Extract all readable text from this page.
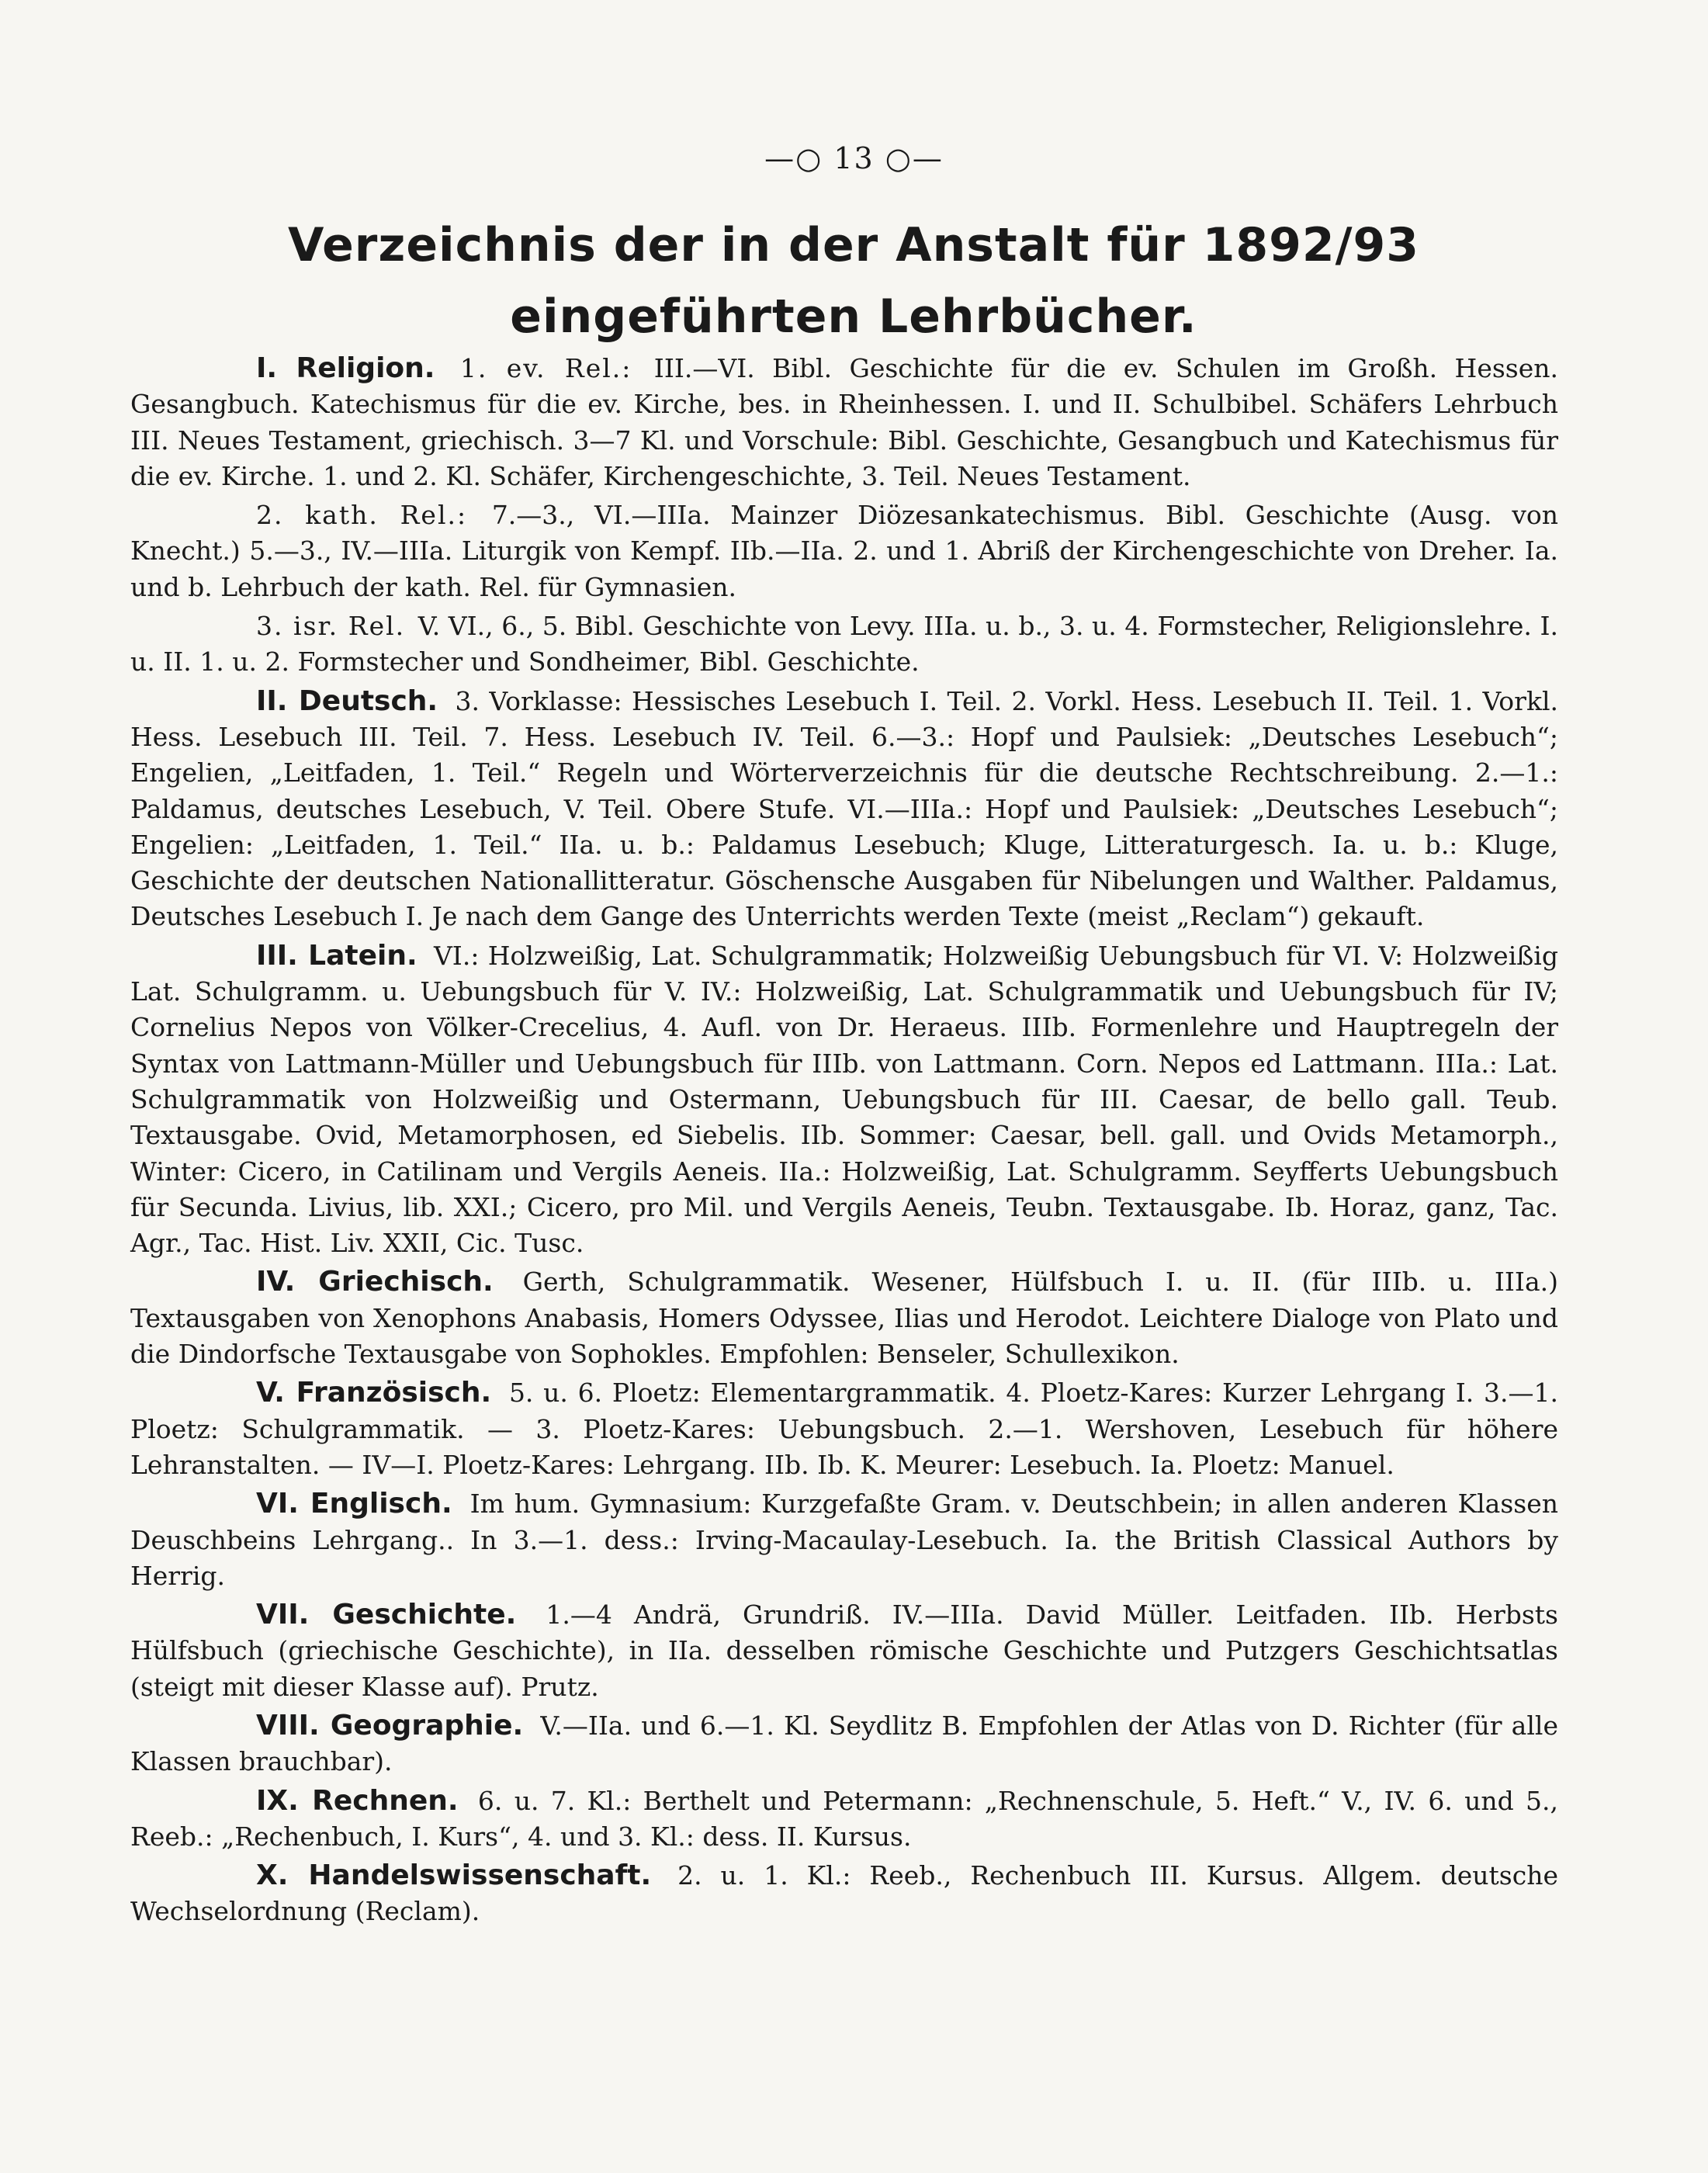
—○ 13 ○—
Verzeichnis der in der Anstalt für 1892/93 eingeführten Lehrbücher.

I. Religion. 1. ev. Rel.: III.—VI. Bibl. Geschichte für die ev. Schulen im Großh. Hessen. Gesangbuch. Katechismus für die ev. Kirche, bes. in Rheinhessen. I. und II. Schulbibel. Schäfers Lehrbuch III. Neues Testament, griechisch. 3—7 Kl. und Vorschule: Bibl. Geschichte, Gesangbuch und Katechismus für die ev. Kirche. 1. und 2. Kl. Schäfer, Kirchengeschichte, 3. Teil. Neues Testament.

2. kath. Rel.: 7.—3., VI.—IIIa. Mainzer Diözesankatechismus. Bibl. Geschichte (Ausg. von Knecht.) 5.—3., IV.—IIIa. Liturgik von Kempf. IIb.—IIa. 2. und 1. Abriß der Kirchengeschichte von Dreher. Ia. und b. Lehrbuch der kath. Rel. für Gymnasien.

3. isr. Rel. V. VI., 6., 5. Bibl. Geschichte von Levy. IIIa. u. b., 3. u. 4. Formstecher, Religionslehre. I. u. II. 1. u. 2. Formstecher und Sondheimer, Bibl. Geschichte.

II. Deutsch. 3. Vorklasse: Hessisches Lesebuch I. Teil. 2. Vorkl. Hess. Lesebuch II. Teil. 1. Vorkl. Hess. Lesebuch III. Teil. 7. Hess. Lesebuch IV. Teil. 6.—3.: Hopf und Paulsiek: „Deutsches Lesebuch“; Engelien, „Leitfaden, 1. Teil.“ Regeln und Wörterverzeichnis für die deutsche Rechtschreibung. 2.—1.: Paldamus, deutsches Lesebuch, V. Teil. Obere Stufe. VI.—IIIa.: Hopf und Paulsiek: „Deutsches Lesebuch“; Engelien: „Leitfaden, 1. Teil.“ IIa. u. b.: Paldamus Lesebuch; Kluge, Litteraturgesch. Ia. u. b.: Kluge, Geschichte der deutschen Nationallitteratur. Göschensche Ausgaben für Nibelungen und Walther. Paldamus, Deutsches Lesebuch I. Je nach dem Gange des Unterrichts werden Texte (meist „Reclam“) gekauft.

III. Latein. VI.: Holzweißig, Lat. Schulgrammatik; Holzweißig Uebungsbuch für VI. V: Holzweißig Lat. Schulgramm. u. Uebungsbuch für V. IV.: Holzweißig, Lat. Schulgrammatik und Uebungsbuch für IV; Cornelius Nepos von Völker-Crecelius, 4. Aufl. von Dr. Heraeus. IIIb. Formenlehre und Hauptregeln der Syntax von Lattmann-Müller und Uebungsbuch für IIIb. von Lattmann. Corn. Nepos ed Lattmann. IIIa.: Lat. Schulgrammatik von Holzweißig und Ostermann, Uebungsbuch für III. Caesar, de bello gall. Teub. Textausgabe. Ovid, Metamorphosen, ed Siebelis. IIb. Sommer: Caesar, bell. gall. und Ovids Metamorph., Winter: Cicero, in Catilinam und Vergils Aeneis. IIa.: Holzweißig, Lat. Schulgramm. Seyfferts Uebungsbuch für Secunda. Livius, lib. XXI.; Cicero, pro Mil. und Vergils Aeneis, Teubn. Textausgabe. Ib. Horaz, ganz, Tac. Agr., Tac. Hist. Liv. XXII, Cic. Tusc.

IV. Griechisch. Gerth, Schulgrammatik. Wesener, Hülfsbuch I. u. II. (für IIIb. u. IIIa.) Textausgaben von Xenophons Anabasis, Homers Odyssee, Ilias und Herodot. Leichtere Dialoge von Plato und die Dindorfsche Textausgabe von Sophokles. Empfohlen: Benseler, Schullexikon.

V. Französisch. 5. u. 6. Ploetz: Elementargrammatik. 4. Ploetz-Kares: Kurzer Lehrgang I. 3.—1. Ploetz: Schulgrammatik. — 3. Ploetz-Kares: Uebungsbuch. 2.—1. Wershoven, Lesebuch für höhere Lehranstalten. — IV—I. Ploetz-Kares: Lehrgang. IIb. Ib. K. Meurer: Lesebuch. Ia. Ploetz: Manuel.

VI. Englisch. Im hum. Gymnasium: Kurzgefaßte Gram. v. Deutschbein; in allen anderen Klassen Deuschbeins Lehrgang.. In 3.—1. dess.: Irving-Macaulay-Lesebuch. Ia. the British Classical Authors by Herrig.

VII. Geschichte. 1.—4 Andrä, Grundriß. IV.—IIIa. David Müller. Leitfaden. IIb. Herbsts Hülfsbuch (griechische Geschichte), in IIa. desselben römische Geschichte und Putzgers Geschichtsatlas (steigt mit dieser Klasse auf). Prutz.

VIII. Geographie. V.—IIa. und 6.—1. Kl. Seydlitz B. Empfohlen der Atlas von D. Richter (für alle Klassen brauchbar).

IX. Rechnen. 6. u. 7. Kl.: Berthelt und Petermann: „Rechnenschule, 5. Heft.“ V., IV. 6. und 5., Reeb.: „Rechenbuch, I. Kurs“, 4. und 3. Kl.: dess. II. Kursus.

X. Handelswissenschaft. 2. u. 1. Kl.: Reeb., Rechenbuch III. Kursus. Allgem. deutsche Wechselordnung (Reclam).
